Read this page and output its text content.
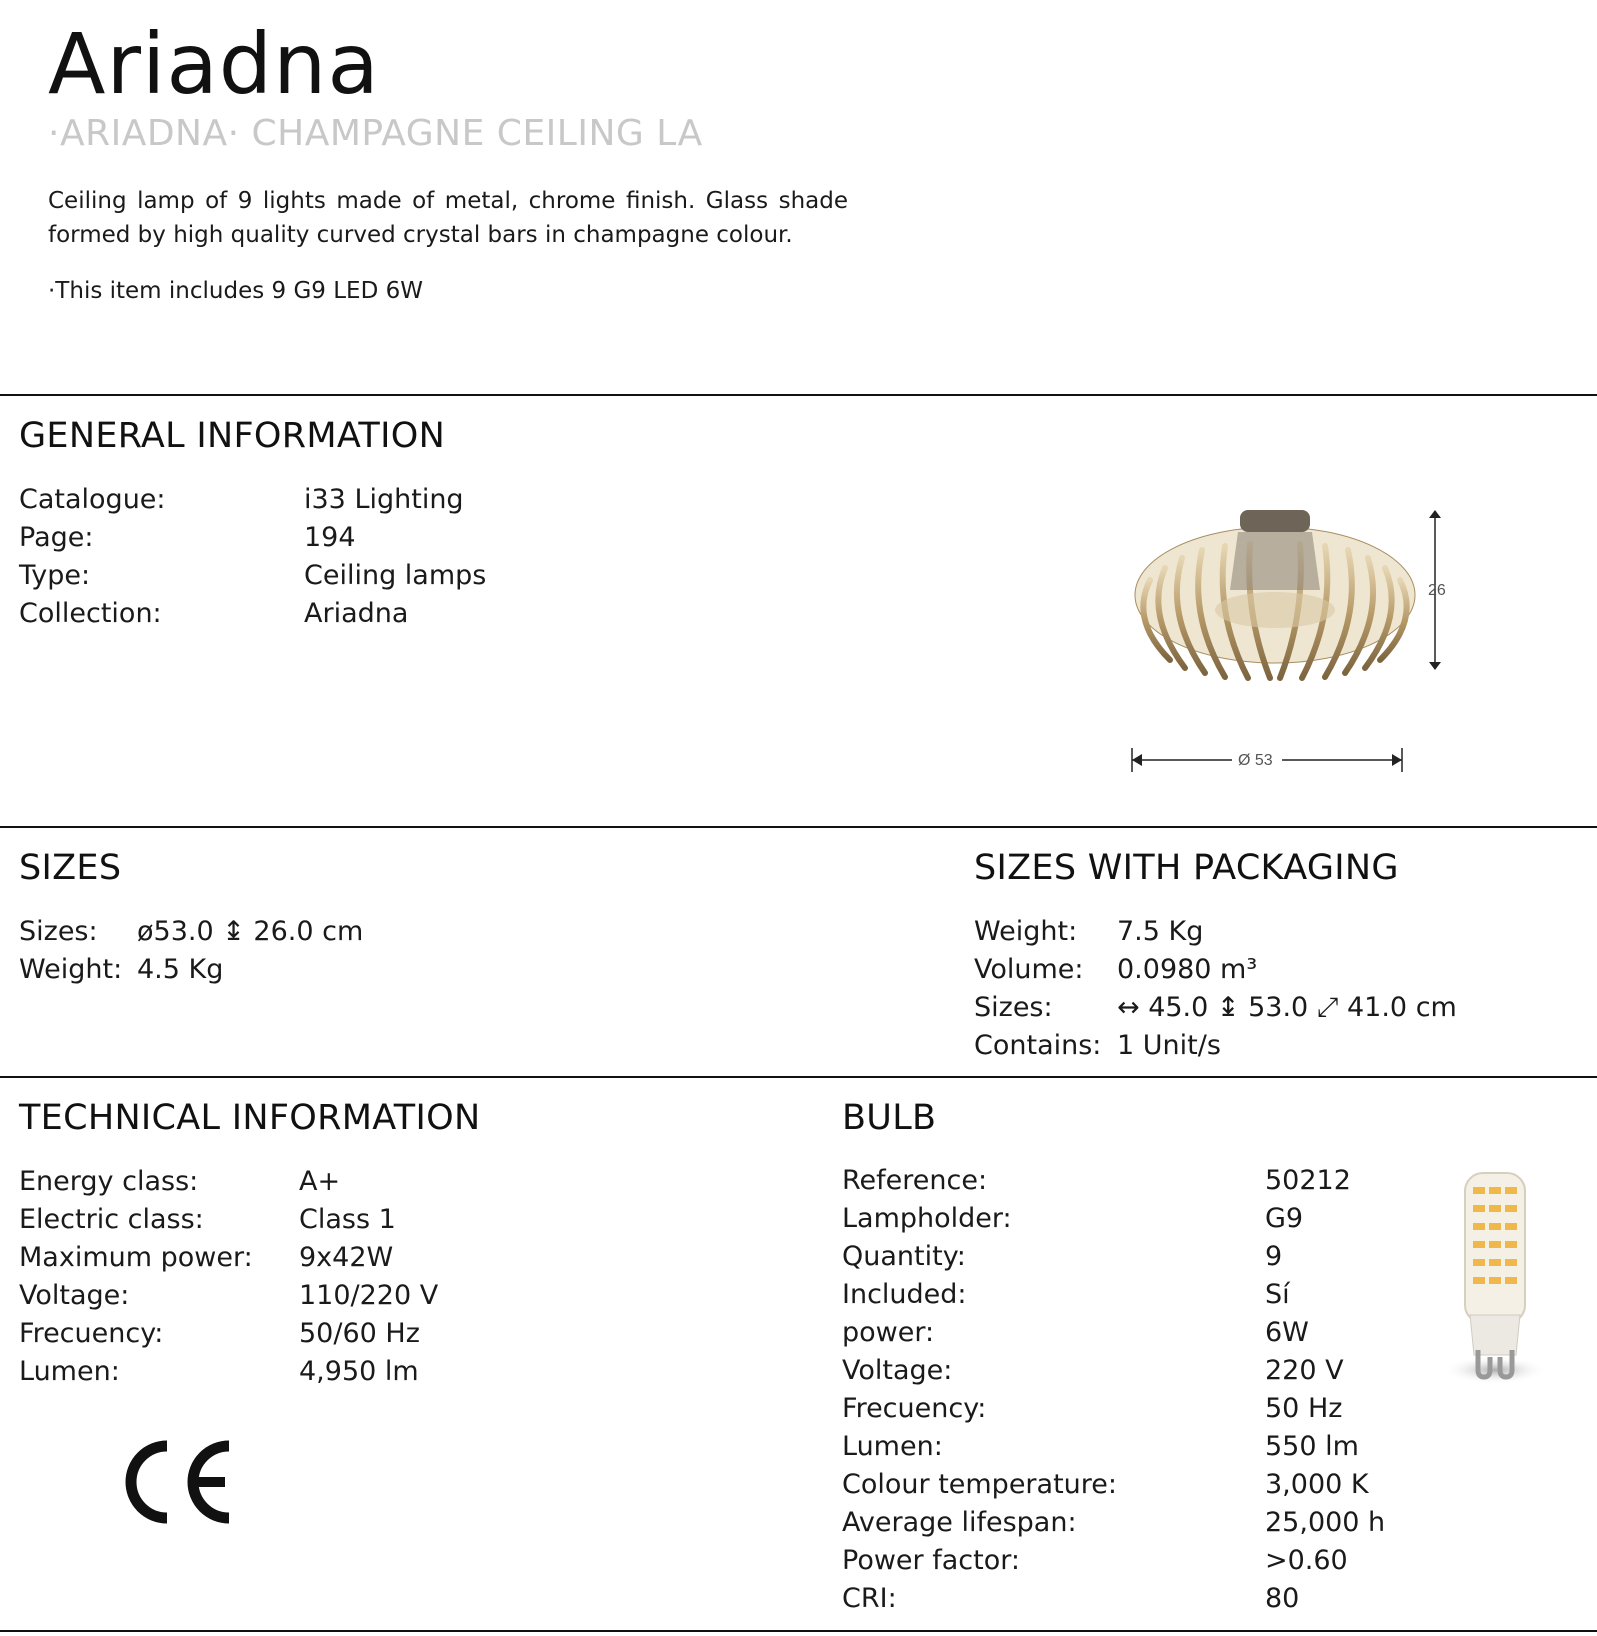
Ariadna
·ARIADNA· CHAMPAGNE CEILING LA
Ceiling lamp of 9 lights made of metal, chrome finish. Glass shade formed by high quality curved crystal bars in champagne colour.
·This item includes 9 G9 LED 6W
GENERAL INFORMATION
Catalogue:	i33 Lighting
Page:	194
Type:	Ceiling lamps
Collection:	Ariadna
26
Ø 53
SIZES
Sizes: ø53.0 ↨ 26.0 cm
Weight: 4.5 Kg
SIZES WITH PACKAGING
Weight: 7.5 Kg
Volume: 0.0980 m³
Sizes: ↔ 45.0 ↨ 53.0 ⤢ 41.0 cm
Contains: 1 Unit/s
TECHNICAL INFORMATION
Energy class:	A+
Electric class:	Class 1
Maximum power: 9x42W
Voltage:	110/220 V
Frecuency:	50/60 Hz
Lumen:	4,950 lm
BULB
Reference:	50212
Lampholder:	G9
Quantity:	9
Included:	Sí
power:	6W
Voltage:	220 V
Frecuency:	50 Hz
Lumen:	550 lm
Colour temperature:	3,000 K
Average lifespan:	25,000 h
Power factor:	>0.60
CRI:	80
